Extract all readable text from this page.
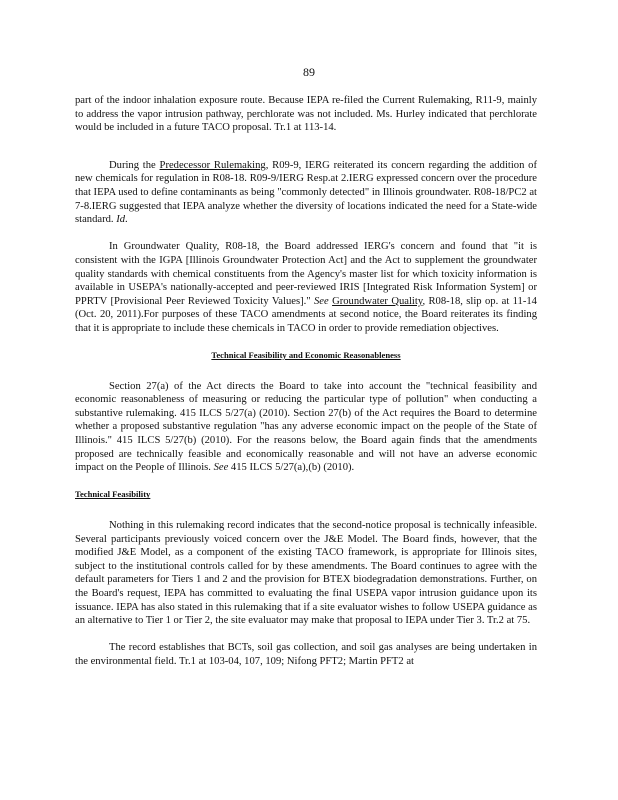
89

part of the indoor inhalation exposure route. Because IEPA re-filed the Current Rulemaking, R11-9, mainly to address the vapor intrusion pathway, perchlorate was not included. Ms. Hurley indicated that perchlorate would be included in a future TACO proposal. Tr.1 at 113-14.

During the Predecessor Rulemaking, R09-9, IERG reiterated its concern regarding the addition of new chemicals for regulation in R08-18. R09-9/IERG Resp.at 2.IERG expressed concern over the procedure that IEPA used to define contaminants as being "commonly detected" in Illinois groundwater. R08-18/PC2 at 7-8.IERG suggested that IEPA analyze whether the diversity of locations indicated the need for a State-wide standard. Id.

In Groundwater Quality, R08-18, the Board addressed IERG's concern and found that "it is consistent with the IGPA [Illinois Groundwater Protection Act] and the Act to supplement the groundwater quality standards with chemical constituents from the Agency's master list for which toxicity information is available in USEPA's nationally-accepted and peer-reviewed IRIS [Integrated Risk Information System] or PPRTV [Provisional Peer Reviewed Toxicity Values]." See Groundwater Quality, R08-18, slip op. at 11-14 (Oct. 20, 2011).For purposes of these TACO amendments at second notice, the Board reiterates its finding that it is appropriate to include these chemicals in TACO in order to provide remediation objectives.

Technical Feasibility and Economic Reasonableness

Section 27(a) of the Act directs the Board to take into account the "technical feasibility and economic reasonableness of measuring or reducing the particular type of pollution" when conducting a substantive rulemaking. 415 ILCS 5/27(a) (2010). Section 27(b) of the Act requires the Board to determine whether a proposed substantive regulation "has any adverse economic impact on the people of the State of Illinois." 415 ILCS 5/27(b) (2010). For the reasons below, the Board again finds that the amendments proposed are technically feasible and economically reasonable and will not have an adverse economic impact on the People of Illinois. See 415 ILCS 5/27(a),(b) (2010).

Technical Feasibility

Nothing in this rulemaking record indicates that the second-notice proposal is technically infeasible. Several participants previously voiced concern over the J&E Model. The Board finds, however, that the modified J&E Model, as a component of the existing TACO framework, is appropriate for Illinois sites, subject to the institutional controls called for by these amendments. The Board continues to agree with the default parameters for Tiers 1 and 2 and the provision for BTEX biodegradation demonstrations. Further, on the Board's request, IEPA has committed to evaluating the final USEPA vapor intrusion guidance upon its issuance. IEPA has also stated in this rulemaking that if a site evaluator wishes to follow USEPA guidance as an alternative to Tier 1 or Tier 2, the site evaluator may make that proposal to IEPA under Tier 3. Tr.2 at 75.

The record establishes that BCTs, soil gas collection, and soil gas analyses are being undertaken in the environmental field. Tr.1 at 103-04, 107, 109; Nifong PFT2; Martin PFT2 at
